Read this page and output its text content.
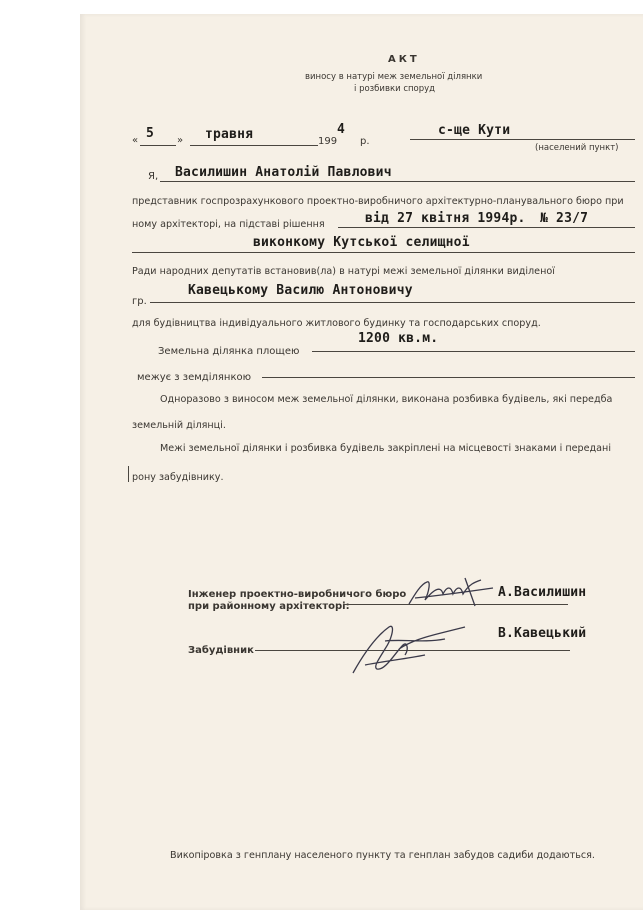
АКТ
виносу в натурі меж земельної ділянки
і розбивки споруд
« 5 » травня	199
4
р.
с-ще Кути
(населений пункт)
Я, Василишин Анатолій Павлович
представник госпрозрахункового проектно-виробничого архітектурно-планувального бюро при
ному архітекторі, на підставі рішення	від 27 квітня 1994р. № 23/7
виконкому Кутської селищної
Ради народних депутатів встановив(ла) в натурі межі земельної ділянки виділеної
гр.
Кавецькому Василю Антоновичу
для будівництва індивідуального житлового будинку та господарських споруд.
Земельна ділянка площею
1200 кв.м.
межує з земділянкою
Одноразово з виносом меж земельної ділянки, виконана розбивка будівель, які передба
земельній ділянці.
Межі земельної ділянки і розбивка будівель закріплені на місцевості знаками і передані
рону забудівнику.
Інженер проектно-виробничого бюро
при районному архітекторі:
А.Василишин
Забудівник
В.Кавецький
Викопіровка з генплану населеного пункту та генплан забудов садиби додаються.
